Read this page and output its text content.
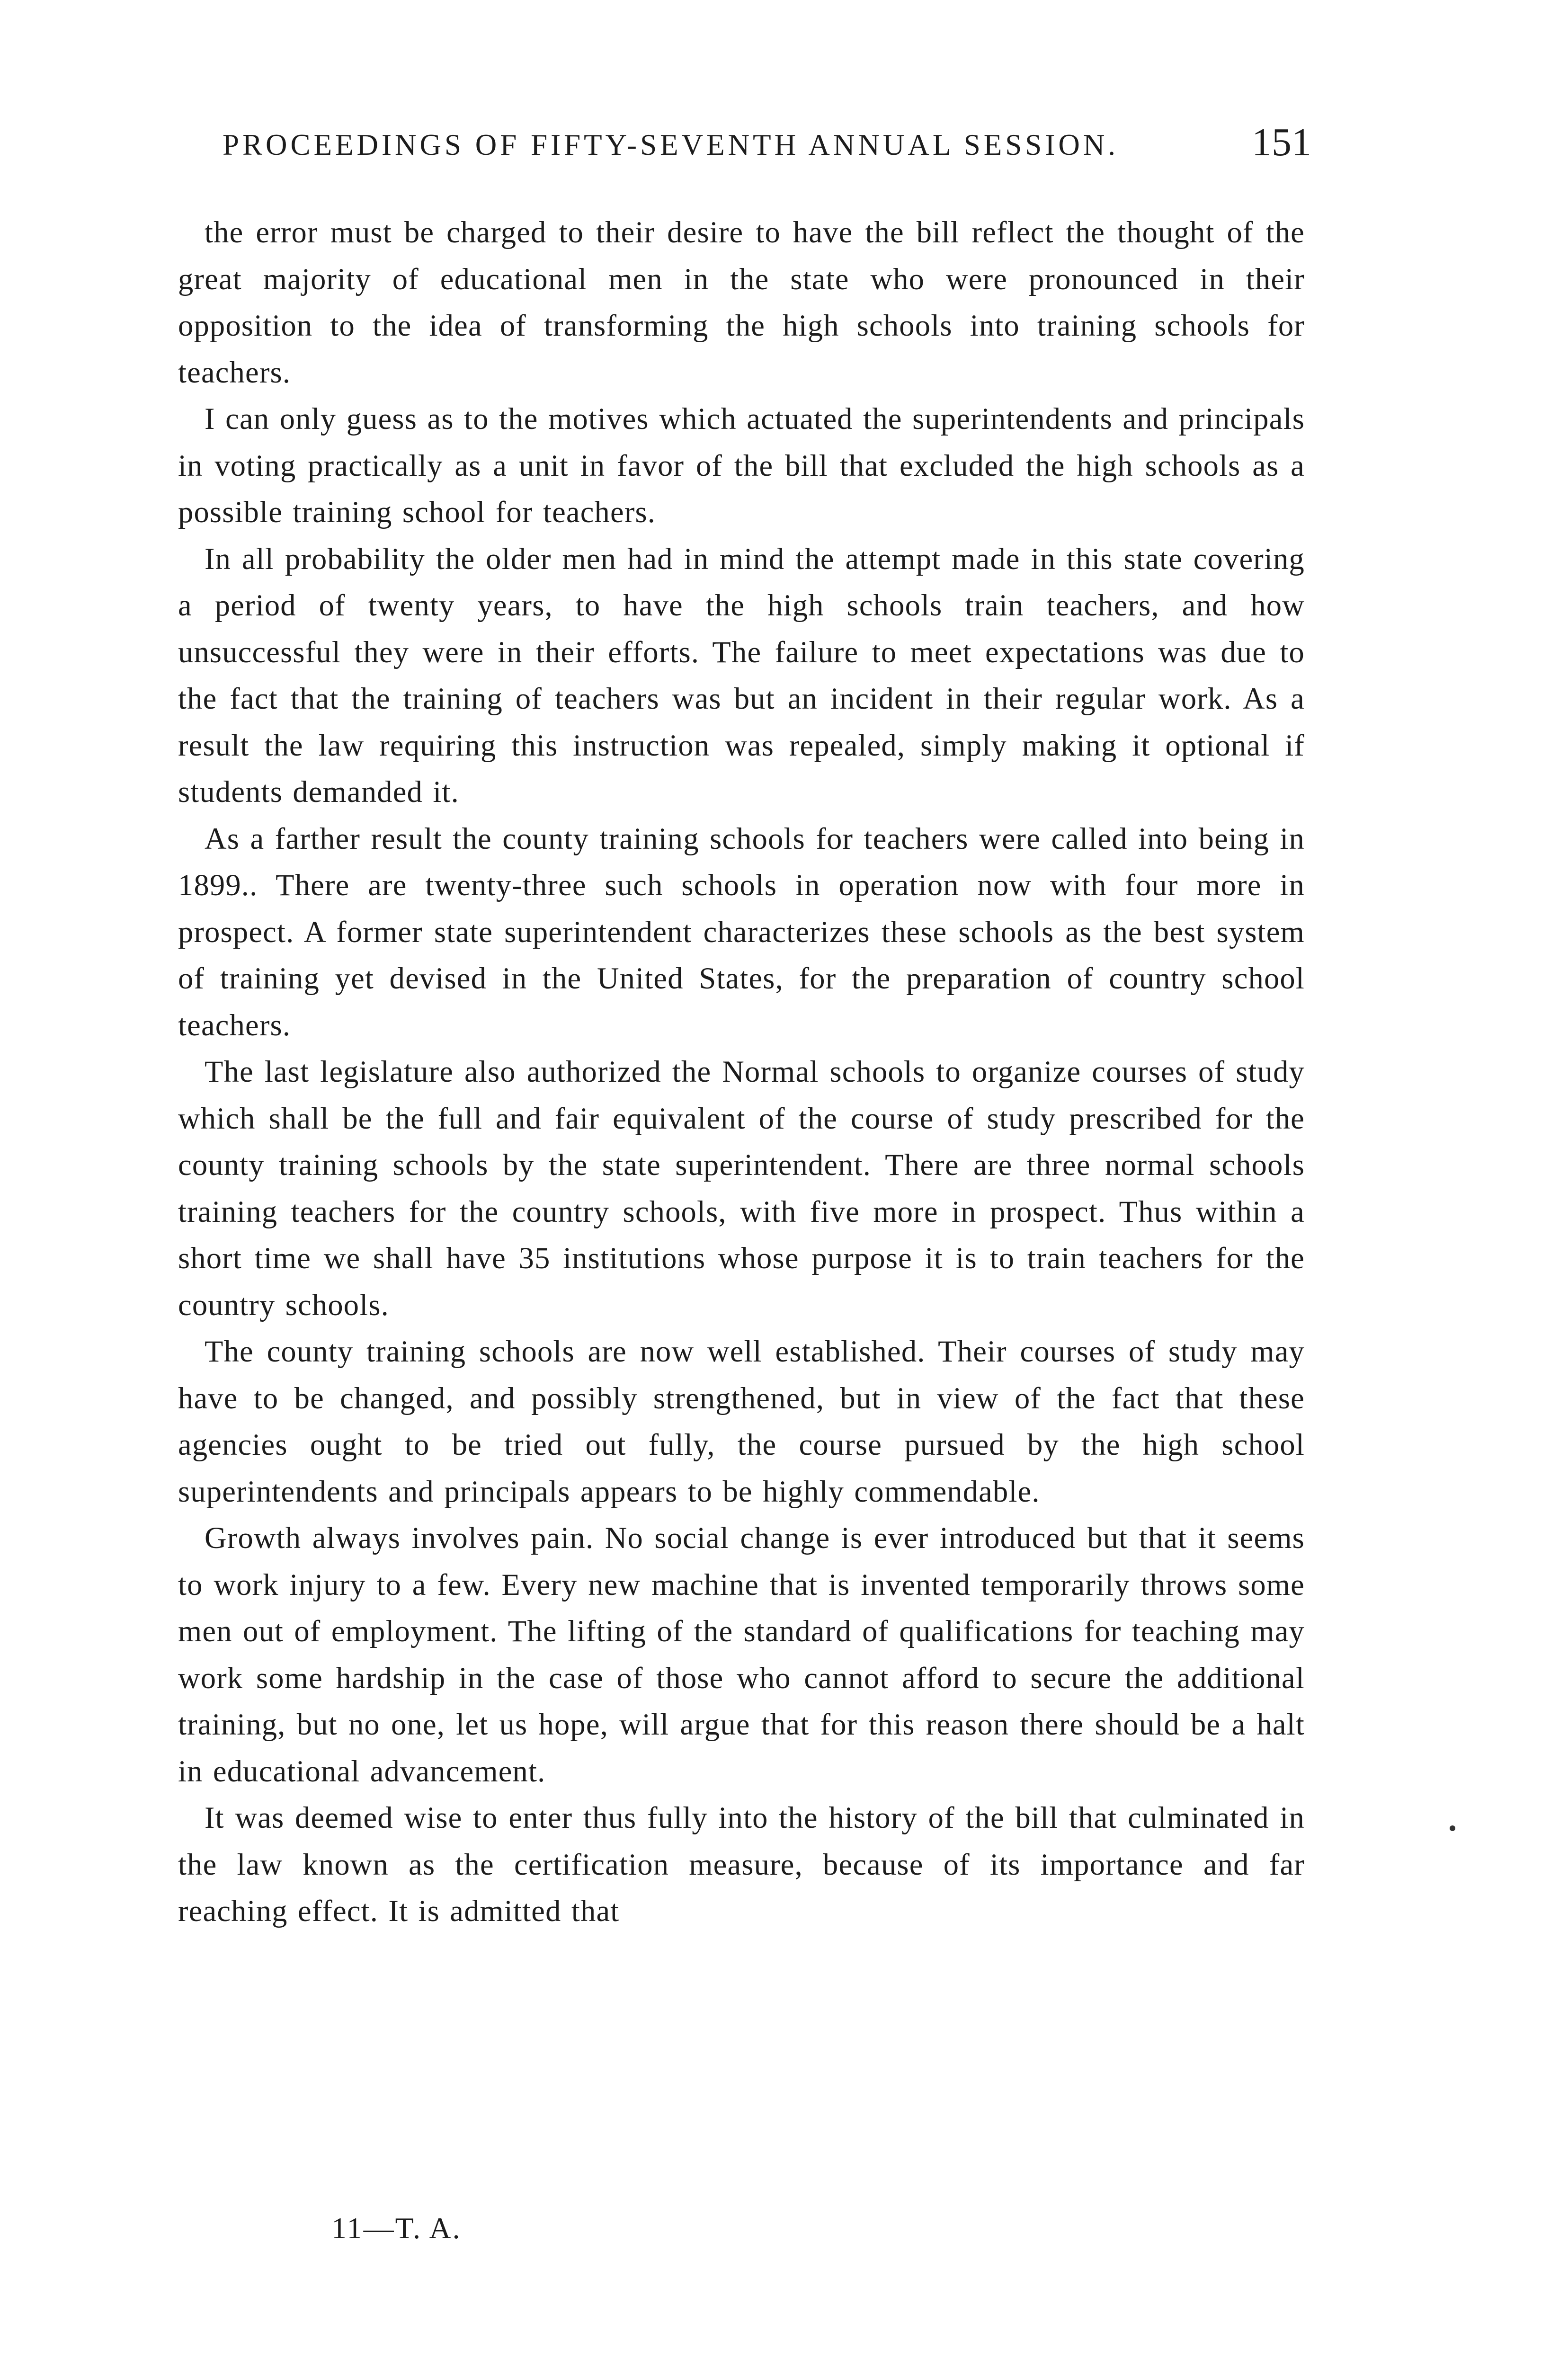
PROCEEDINGS OF FIFTY-SEVENTH ANNUAL SESSION.	151

the error must be charged to their desire to have the bill reflect the thought of the great majority of educational men in the state who were pronounced in their opposition to the idea of transforming the high schools into training schools for teachers.

I can only guess as to the motives which actuated the superintendents and principals in voting practically as a unit in favor of the bill that excluded the high schools as a possible training school for teachers.

In all probability the older men had in mind the attempt made in this state covering a period of twenty years, to have the high schools train teachers, and how unsuccessful they were in their efforts. The failure to meet expectations was due to the fact that the training of teachers was but an incident in their regular work. As a result the law requiring this instruction was repealed, simply making it optional if students demanded it.

As a farther result the county training schools for teachers were called into being in 1899.. There are twenty-three such schools in operation now with four more in prospect. A former state superintendent characterizes these schools as the best system of training yet devised in the United States, for the preparation of country school teachers.

The last legislature also authorized the Normal schools to organize courses of study which shall be the full and fair equivalent of the course of study prescribed for the county training schools by the state superintendent. There are three normal schools training teachers for the country schools, with five more in prospect. Thus within a short time we shall have 35 institutions whose purpose it is to train teachers for the country schools.

The county training schools are now well established. Their courses of study may have to be changed, and possibly strengthened, but in view of the fact that these agencies ought to be tried out fully, the course pursued by the high school superintendents and principals appears to be highly commendable.

Growth always involves pain. No social change is ever introduced but that it seems to work injury to a few. Every new machine that is invented temporarily throws some men out of employment. The lifting of the standard of qualifications for teaching may work some hardship in the case of those who cannot afford to secure the additional training, but no one, let us hope, will argue that for this reason there should be a halt in educational advancement.

It was deemed wise to enter thus fully into the history of the bill that culminated in the law known as the certification measure, because of its importance and far reaching effect. It is admitted that

11—T. A.
